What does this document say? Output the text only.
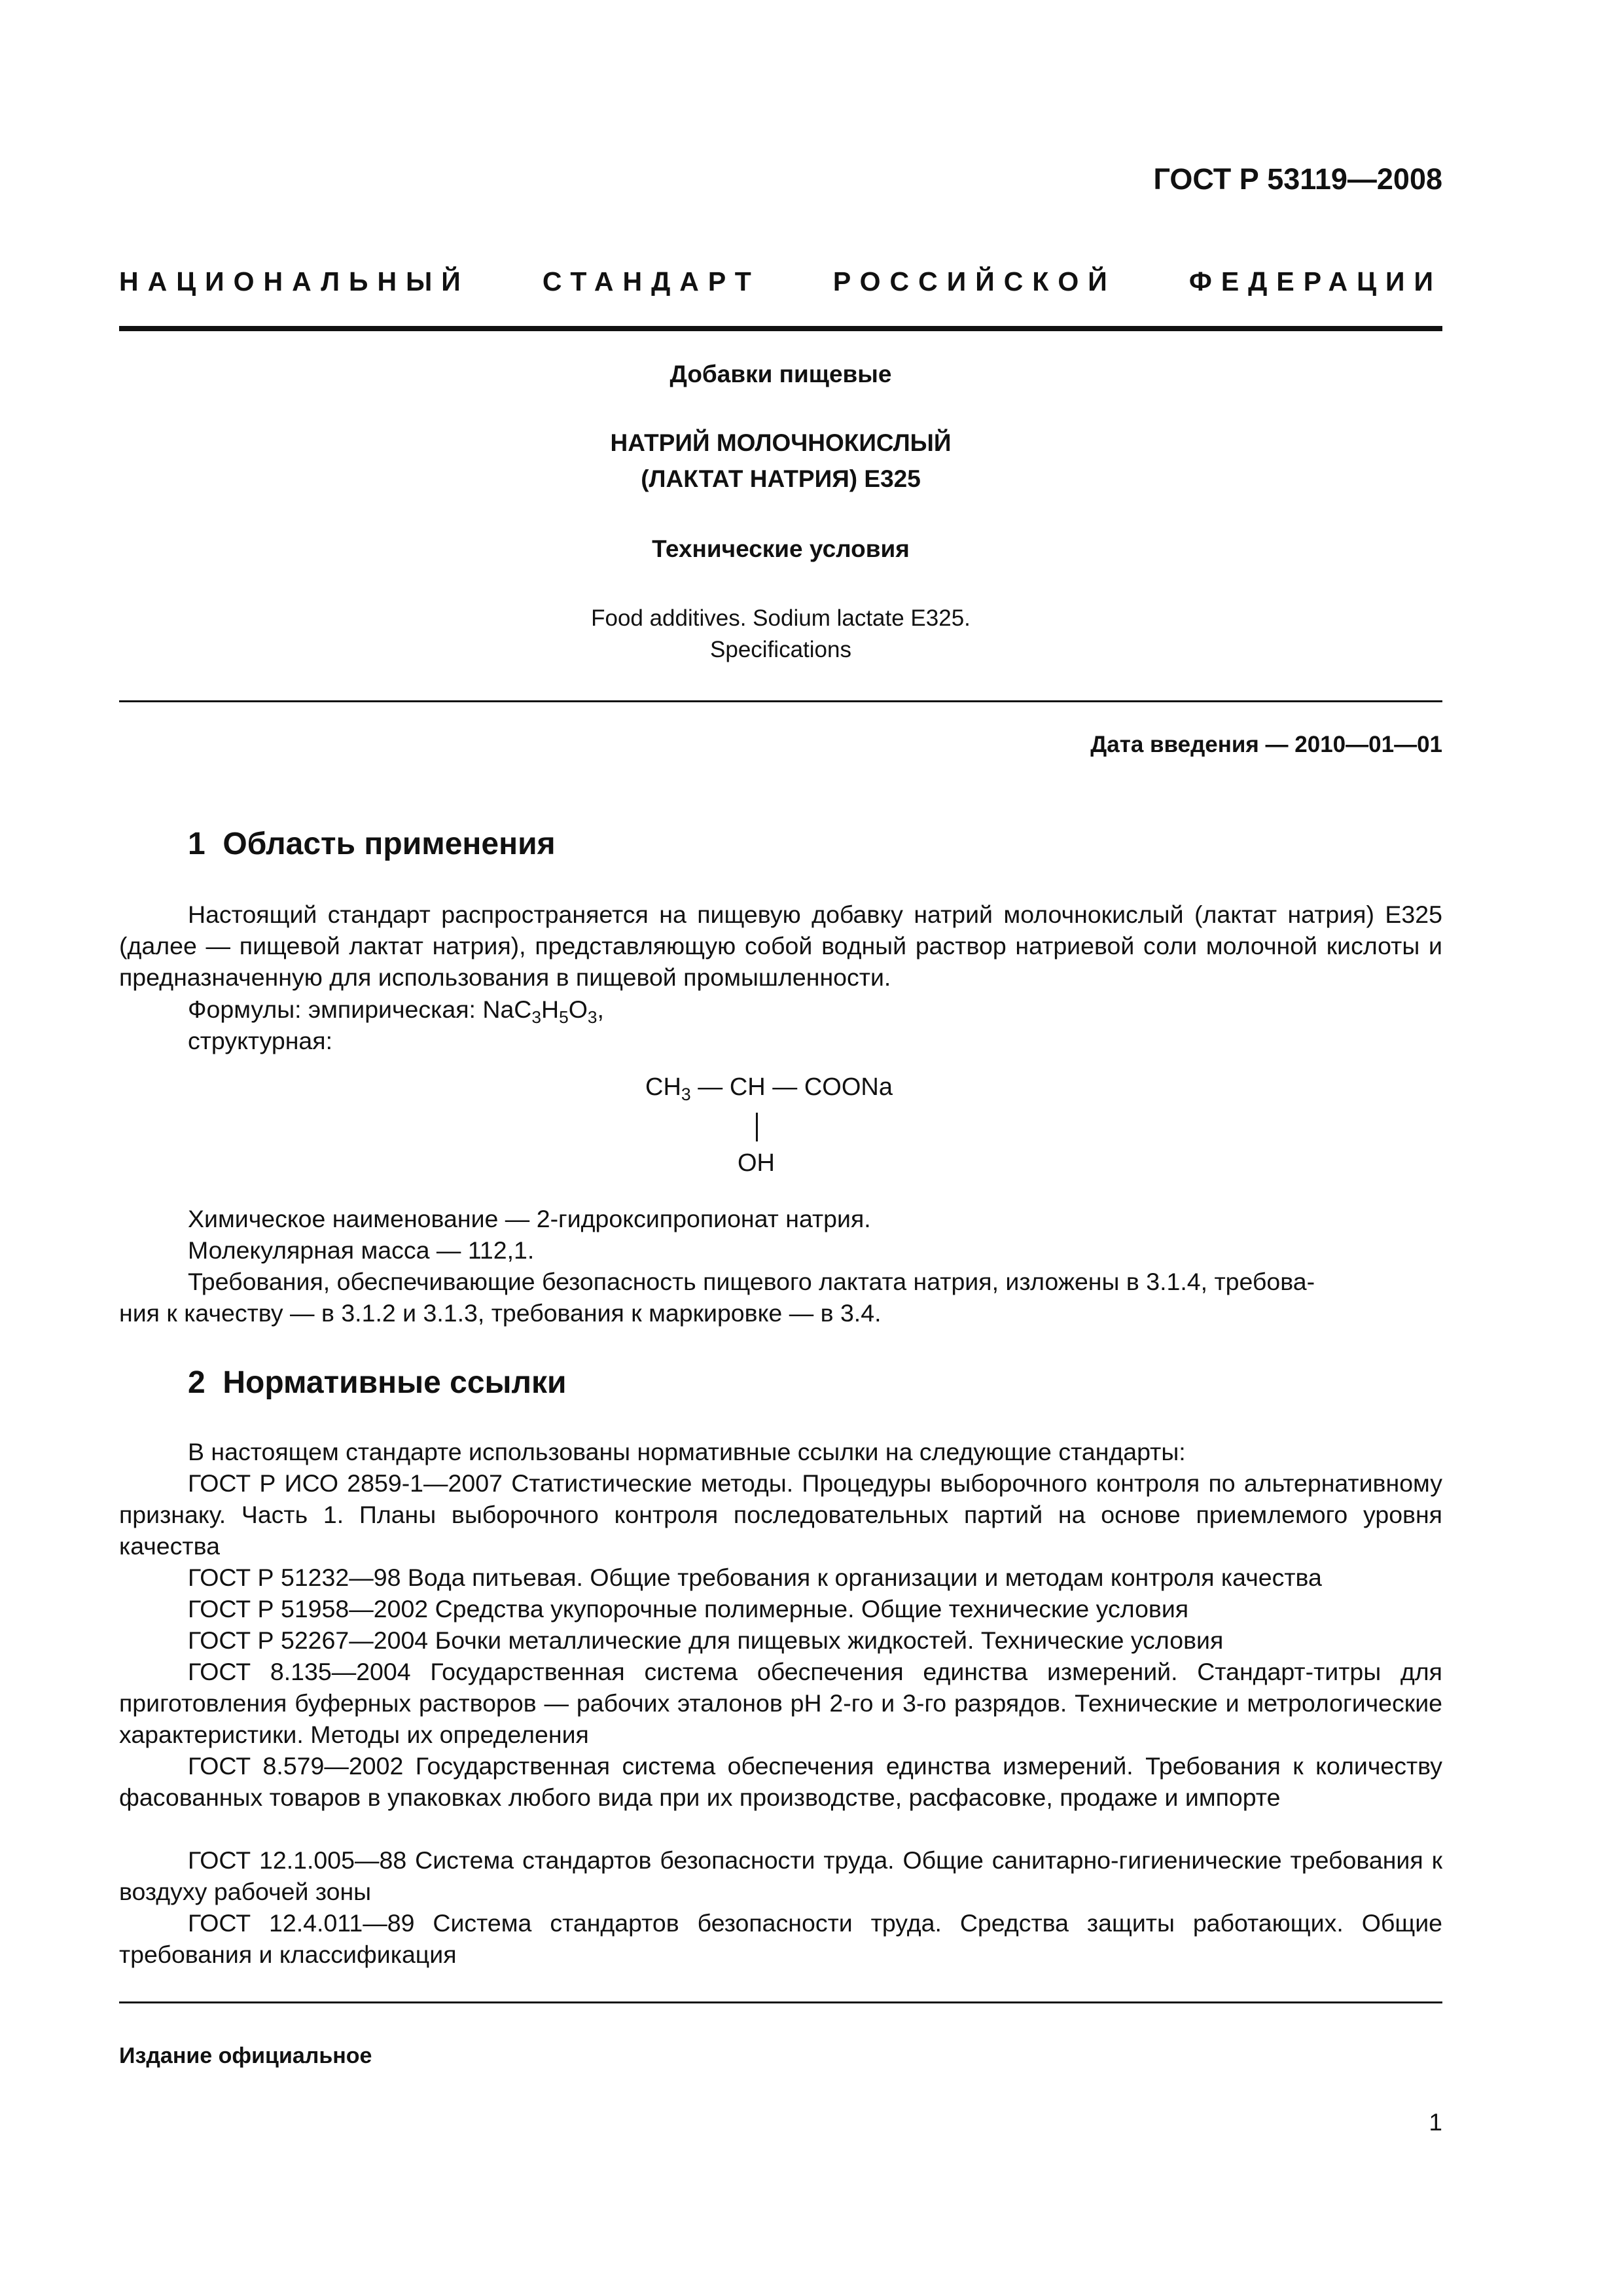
ГОСТ Р 53119—2008
НАЦИОНАЛЬНЫЙ	СТАНДАРТ	РОССИЙСКОЙ	ФЕДЕРАЦИИ
Добавки пищевые
НАТРИЙ МОЛОЧНОКИСЛЫЙ
(ЛАКТАТ НАТРИЯ) Е325
Технические условия
Food additives. Sodium lactate E325.
Specifications
Дата введения — 2010—01—01
1  Область применения
Настоящий стандарт распространяется на пищевую добавку натрий молочнокислый (лактат натрия) Е325 (далее — пищевой лактат натрия), представляющую собой водный раствор натриевой соли молочной кислоты и предназначенную для использования в пищевой промышленности.
Формулы: эмпирическая: $NaC_3H_5O_3$,
структурная:
$CH_3$ — CH — COONa
OH
Химическое наименование — 2-гидроксипропионат натрия.
Молекулярная масса — 112,1.
Требования, обеспечивающие безопасность пищевого лактата натрия, изложены в 3.1.4, требова-
ния к качеству — в 3.1.2 и 3.1.3, требования к маркировке — в 3.4.
2  Нормативные ссылки
В настоящем стандарте использованы нормативные ссылки на следующие стандарты:
ГОСТ Р ИСО 2859-1—2007 Статистические методы. Процедуры выборочного контроля по альтернативному признаку. Часть 1. Планы выборочного контроля последовательных партий на основе приемлемого уровня качества
ГОСТ Р 51232—98 Вода питьевая. Общие требования к организации и методам контроля качества
ГОСТ Р 51958—2002 Средства укупорочные полимерные. Общие технические условия
ГОСТ Р 52267—2004 Бочки металлические для пищевых жидкостей. Технические условия
ГОСТ 8.135—2004 Государственная система обеспечения единства измерений. Стандарт-титры для приготовления буферных растворов — рабочих эталонов pH 2-го и 3-го разрядов. Технические и метрологические характеристики. Методы их определения
ГОСТ 8.579—2002 Государственная система обеспечения единства измерений. Требования к количеству фасованных товаров в упаковках любого вида при их производстве, расфасовке, продаже и импорте
ГОСТ 12.1.005—88 Система стандартов безопасности труда. Общие санитарно-гигиенические требования к воздуху рабочей зоны
ГОСТ 12.4.011—89 Система стандартов безопасности труда. Средства защиты работающих. Общие требования и классификация
Издание официальное
1
